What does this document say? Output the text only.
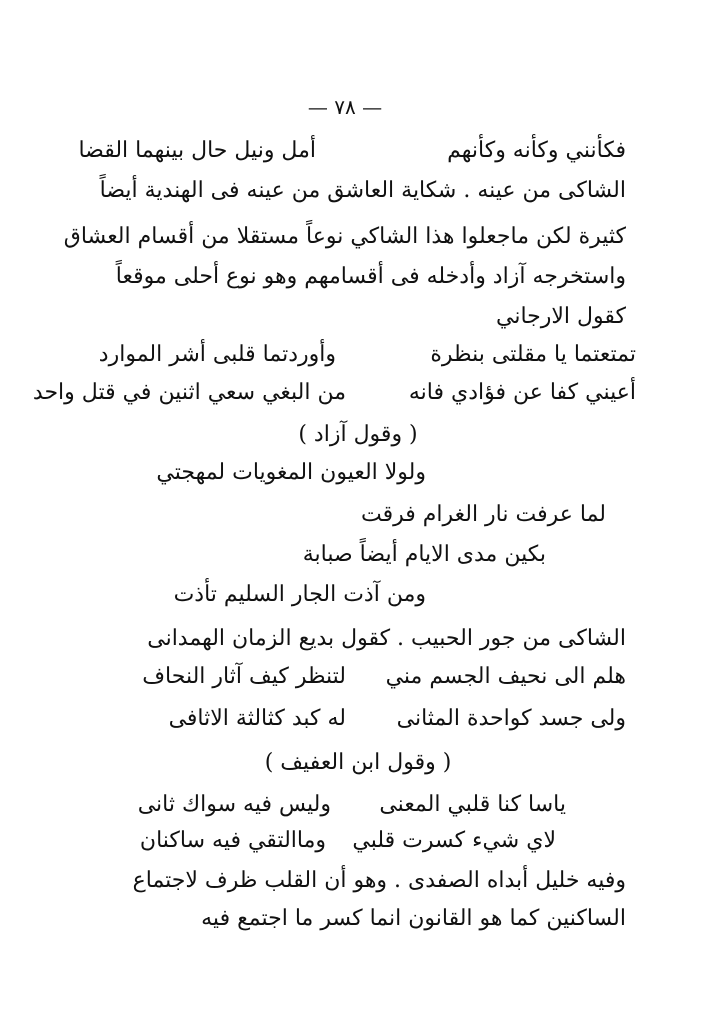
— ٧٨ —
فكأنني وكأنه وكأنهم
أمل ونيل حال بينهما القضا
الشاكى من عينه . شكاية العاشق من عينه فى الهندية أيضاً
كثيرة لكن ماجعلوا هذا الشاكي نوعاً مستقلا من أقسام العشاق
واستخرجه آزاد وأدخله فى أقسامهم وهو نوع أحلى موقعاً
كقول الارجاني
تمتعتما يا مقلتى بنظرة
وأوردتما قلبى أشر الموارد
أعيني كفا عن فؤادي فانه
من البغي سعي اثنين في قتل واحد
( وقول آزاد )
ولولا العيون المغويات لمهجتي
لما عرفت نار الغرام فرقت
بكين مدى الايام أيضاً صبابة
ومن آذت الجار السليم تأذت
الشاكى من جور الحبيب . كقول بديع الزمان الهمدانى
هلم الى نحيف الجسم مني
لتنظر كيف آثار النحاف
ولى جسد كواحدة المثانى
له كبد كثالثة الاثافى
( وقول ابن العفيف )
ياسا كنا قلبي المعنى
وليس فيه سواك ثانى
لاي شيء كسرت قلبي
وماالتقي فيه ساكنان
وفيه خليل أبداه الصفدى . وهو أن القلب ظرف لاجتماع
الساكنين كما هو القانون انما كسر ما اجتمع فيه
